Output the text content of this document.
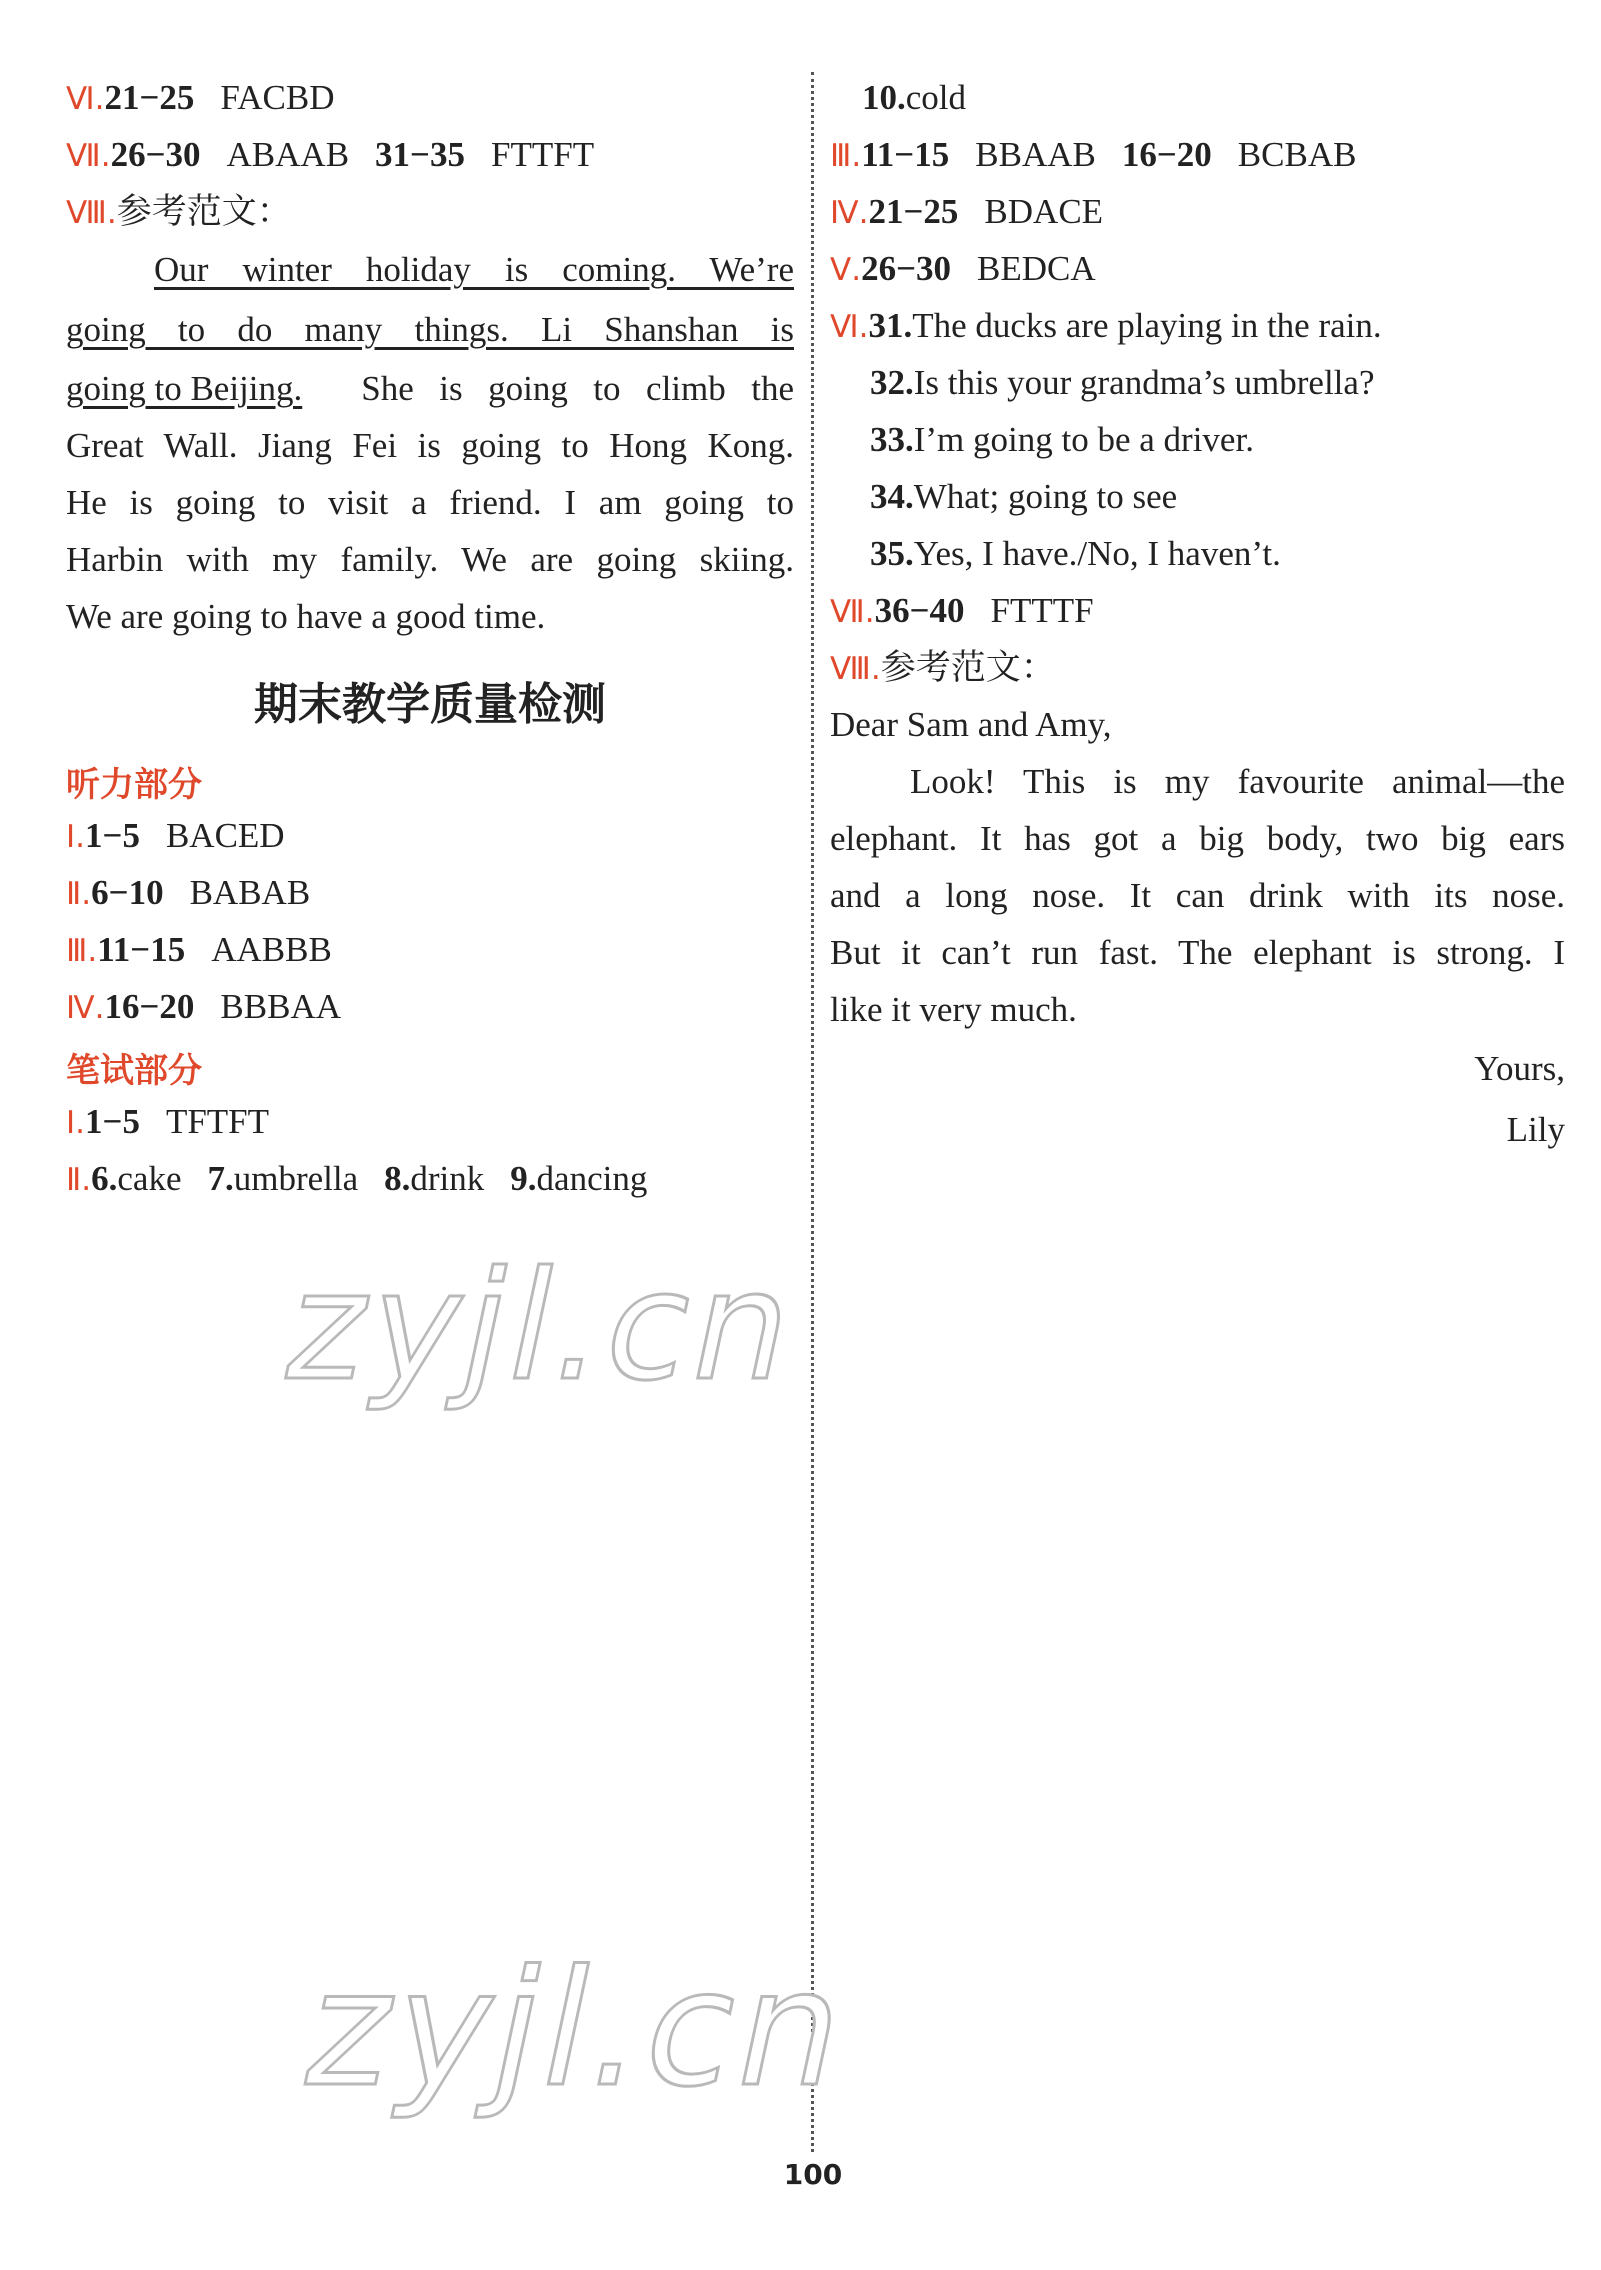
Ⅵ.21−25 FACBD
Ⅶ.26−30 ABAAB 31−35 FTTFT
Ⅷ.参考范文：
Our winter holiday is coming. We’re
going to do many things. Li Shanshan is
going to Beijing. She is going to climb the
Great Wall. Jiang Fei is going to Hong Kong.
He is going to visit a friend. I am going to
Harbin with my family. We are going skiing.
We are going to have a good time.
期末教学质量检测
听力部分
Ⅰ.1−5 BACED
Ⅱ.6−10 BABAB
Ⅲ.11−15 AABBB
Ⅳ.16−20 BBBAA
笔试部分
Ⅰ.1−5 TFTFT
Ⅱ.6.cake 7.umbrella 8.drink 9.dancing
10.cold
Ⅲ.11−15 BBAAB 16−20 BCBAB
Ⅳ.21−25 BDACE
Ⅴ.26−30 BEDCA
Ⅵ.31.The ducks are playing in the rain.
32.Is this your grandma’s umbrella?
33.I’m going to be a driver.
34.What; going to see
35.Yes, I have./No, I haven’t.
Ⅶ.36−40 FTTTF
Ⅷ.参考范文：
Dear Sam and Amy,
Look! This is my favourite animal—the
elephant. It has got a big body, two big ears
and a long nose. It can drink with its nose.
But it can’t run fast. The elephant is strong. I
like it very much.
Yours,
Lily
zyjl.cn
zyjl.cn
100
